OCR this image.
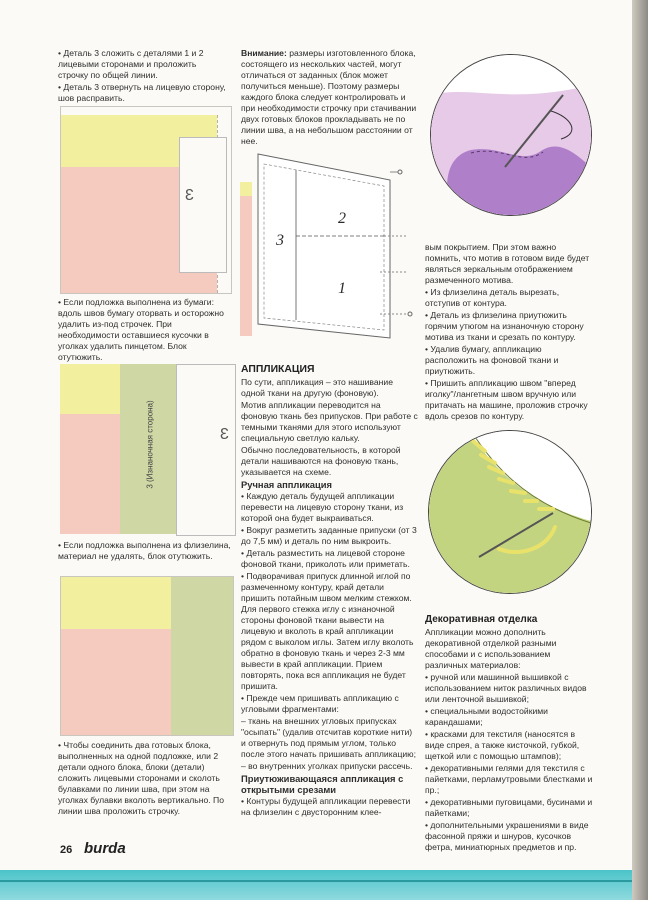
• Деталь 3 сложить с деталями 1 и 2 лицевыми сторонами и проложить строчку по общей линии.

• Деталь 3 отвернуть на лицевую сторону, шов расправить.

3

• Если подложка выполнена из бумаги: вдоль швов бумагу оторвать и осторожно удалить из-под строчек. При необходимости оставшиеся кусочки в уголках удалить пинцетом. Блок отутюжить.

3 (Изнаночная сторона)	3

• Если подложка выполнена из флизелина, материал не удалять, блок отутюжить.

• Чтобы соединить два готовых блока, выполненных на одной подложке, или 2 детали одного блока, блоки (детали) сложить лицевыми сторонами и сколоть булавками по линии шва, при этом на уголках булавки вколоть вертикально. По линии шва проложить строчку.

Внимание: размеры изготовленного блока, состоящего из нескольких частей, могут отличаться от заданных (блок может получиться меньше). Поэтому размеры каждого блока следует контролировать и при необходимости строчку при стачивании двух готовых блоков прокладывать не по линии шва, а на небольшом расстоянии от нее.

2
3
1

АППЛИКАЦИЯ

По сути, аппликация – это нашивание одной ткани на другую (фоновую).

Мотив аппликации переводится на фоновую ткань без припусков. При работе с темными тканями для этого используют специальную светлую кальку.

Обычно последовательность, в которой детали нашиваются на фоновую ткань, указывается на схеме.

Ручная аппликация

• Каждую деталь будущей аппликации перевести на лицевую сторону ткани, из которой она будет выкраиваться.

• Вокруг разметить заданные припуски (от 3 до 7,5 мм) и деталь по ним выкроить.

• Деталь разместить на лицевой стороне фоновой ткани, приколоть или приметать.

• Подворачивая припуск длинной иглой по размеченному контуру, край детали пришить потайным швом мелким стежком. Для первого стежка иглу с изнаночной стороны фоновой ткани вывести на лицевую и вколоть в край аппликации рядом с выколом иглы. Затем иглу вколоть обратно в фоновую ткань и через 2-3 мм вывести в край аппликации. Прием повторять, пока вся аппликация не будет пришита.

• Прежде чем пришивать аппликацию с угловыми фрагментами:

– ткань на внешних угловых припусках "осыпать" (удалив отсчитав короткие нити) и отвернуть под прямым углом, только после этого начать пришивать аппликацию;

– во внутренних уголках припуски рассечь.

Приутюживающаяся аппликация с открытыми срезами

• Контуры будущей аппликации перевести на флизелин с двусторонним клее-

вым покрытием. При этом важно помнить, что мотив в готовом виде будет являться зеркальным отображением размеченного мотива.

• Из флизелина деталь вырезать, отступив от контура.

• Деталь из флизелина приутюжить горячим утюгом на изнаночную сторону мотива из ткани и срезать по контуру.

• Удалив бумагу, аппликацию расположить на фоновой ткани и приутюжить.

• Пришить аппликацию швом "вперед иголку"/лангетным швом вручную или притачать на машине, проложив строчку вдоль срезов по контуру.

Декоративная отделка

Аппликации можно дополнить декоративной отделкой разными способами и с использованием различных материалов:

• ручной или машинной вышивкой с использованием ниток различных видов или ленточной вышивкой;

• специальными водостойкими карандашами;

• красками для текстиля (наносятся в виде спрея, а также кисточкой, губкой, щеткой или с помощью штампов);

• декоративными гелями для текстиля с пайетками, перламутровыми блестками и пр.;

• декоративными пуговицами, бусинами и пайетками;

• дополнительными украшениями в виде фасонной пряжи и шнуров, кусочков фетра, миниатюрных предметов и пр.

26 burda
